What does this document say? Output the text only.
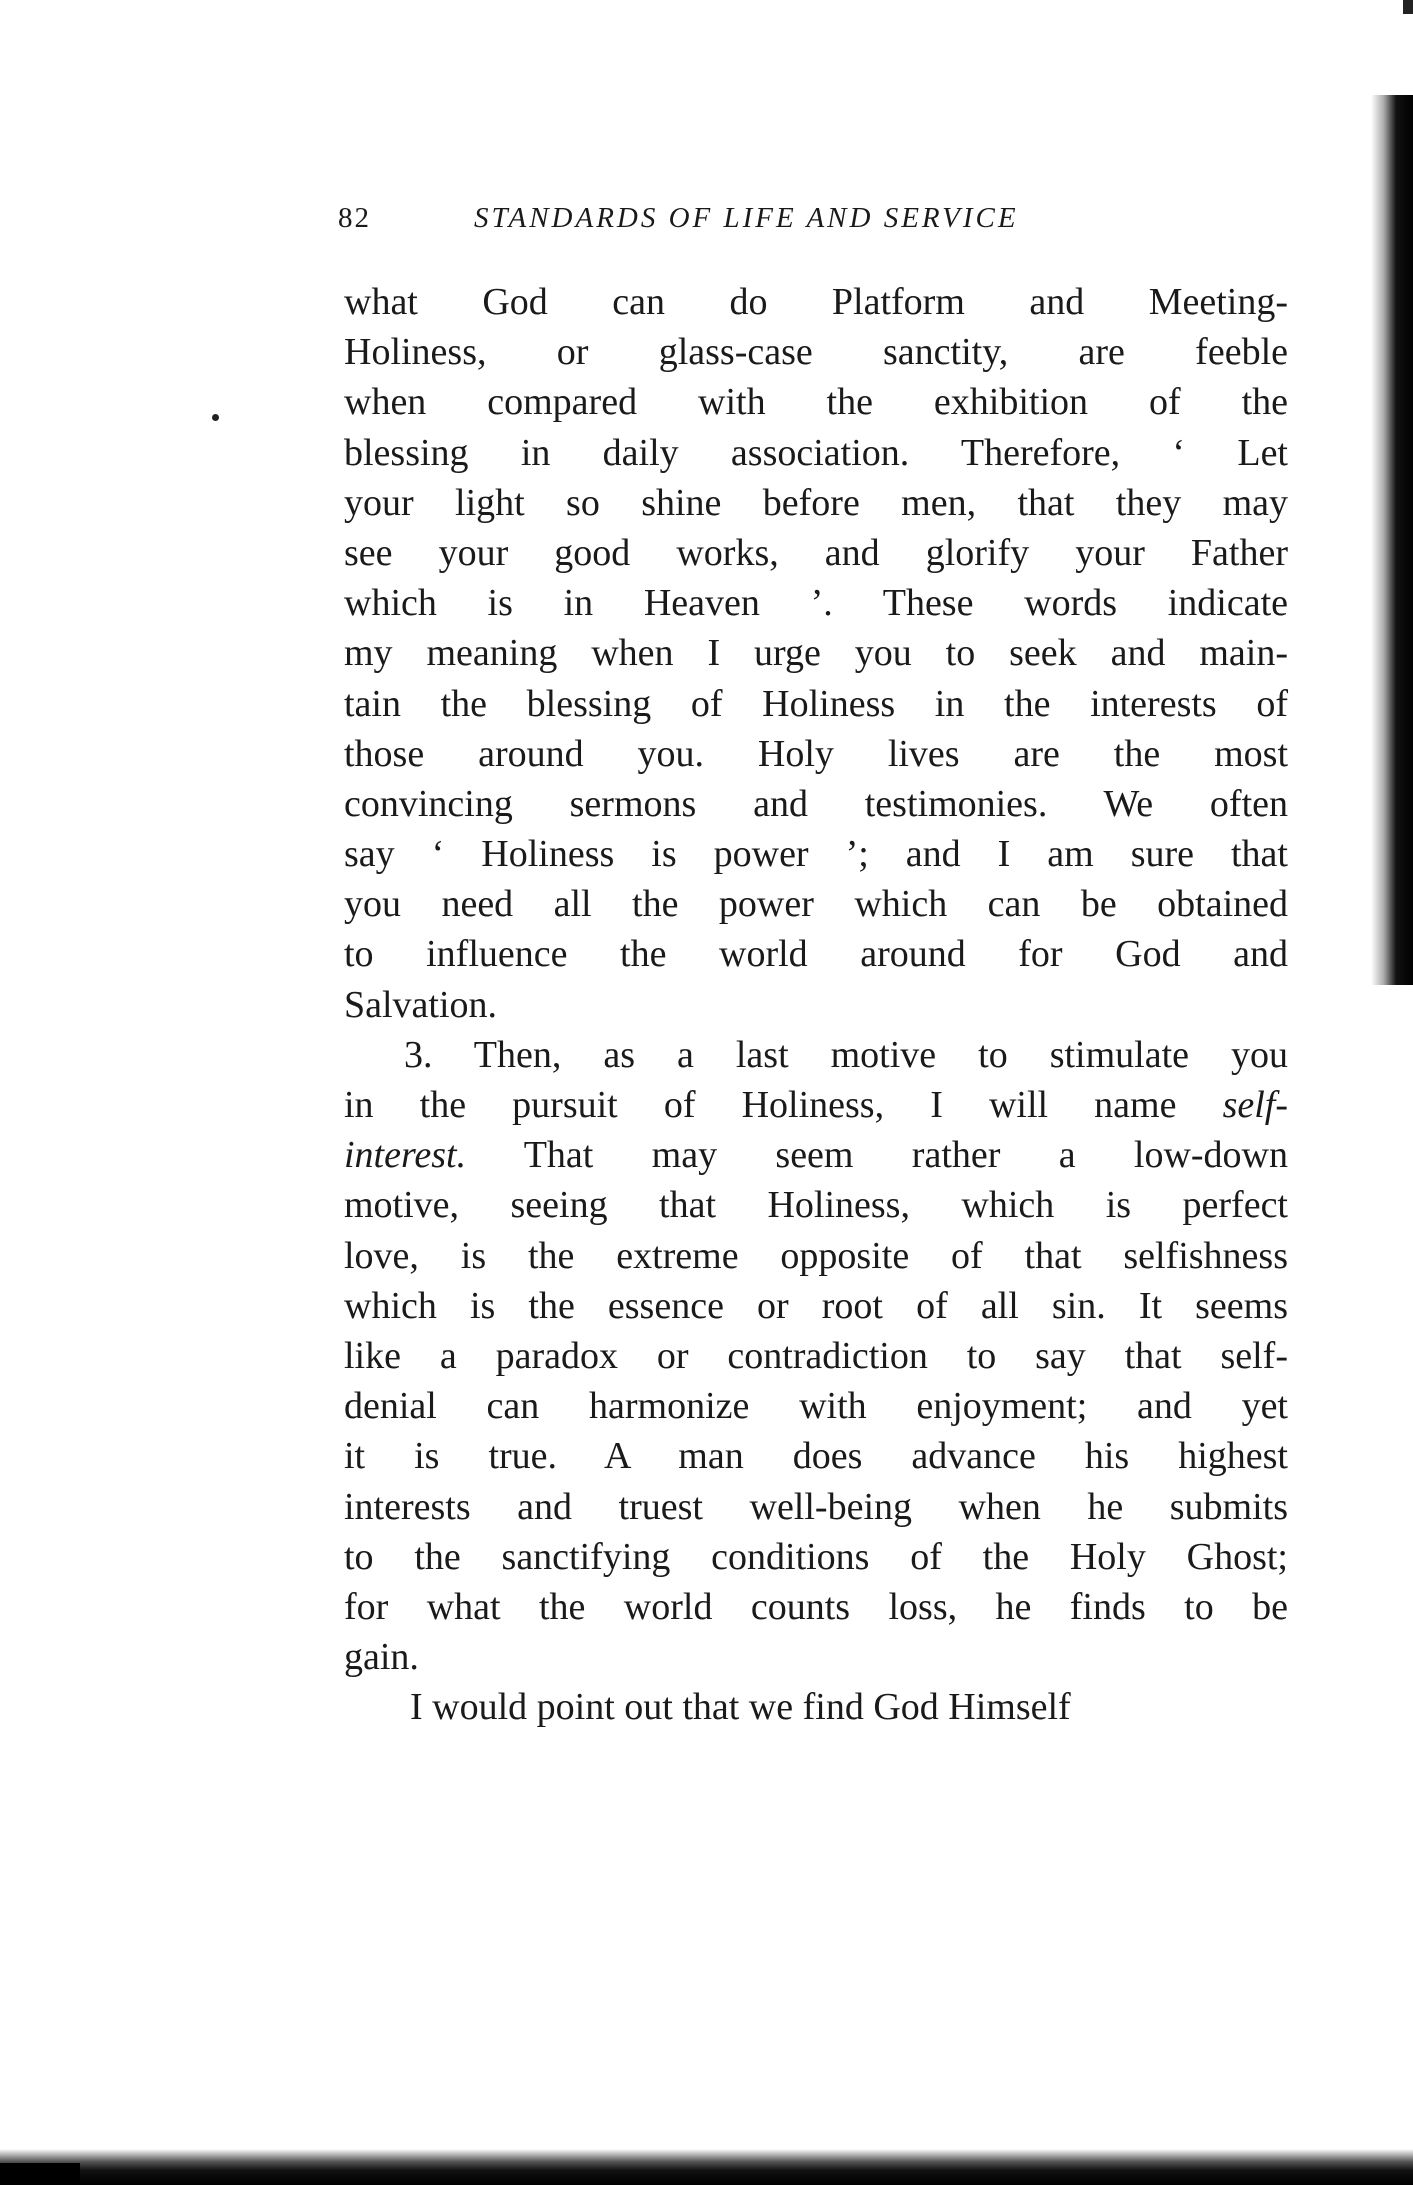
82	STANDARDS OF LIFE AND SERVICE
what God can do Platform and Meeting-
Holiness, or glass-case sanctity, are feeble
when compared with the exhibition of the
blessing in daily association. Therefore, ‘ Let
your light so shine before men, that they may
see your good works, and glorify your Father
which is in Heaven ’. These words indicate
my meaning when I urge you to seek and main-
tain the blessing of Holiness in the interests of
those around you. Holy lives are the most
convincing sermons and testimonies. We often
say ‘ Holiness is power ’; and I am sure that
you need all the power which can be obtained
to influence the world around for God and
Salvation.
3. Then, as a last motive to stimulate you
in the pursuit of Holiness, I will name self-
interest. That may seem rather a low-down
motive, seeing that Holiness, which is perfect
love, is the extreme opposite of that selfishness
which is the essence or root of all sin. It seems
like a paradox or contradiction to say that self-
denial can harmonize with enjoyment; and yet
it is true. A man does advance his highest
interests and truest well-being when he submits
to the sanctifying conditions of the Holy Ghost;
for what the world counts loss, he finds to be
gain.
I would point out that we find God Himself
